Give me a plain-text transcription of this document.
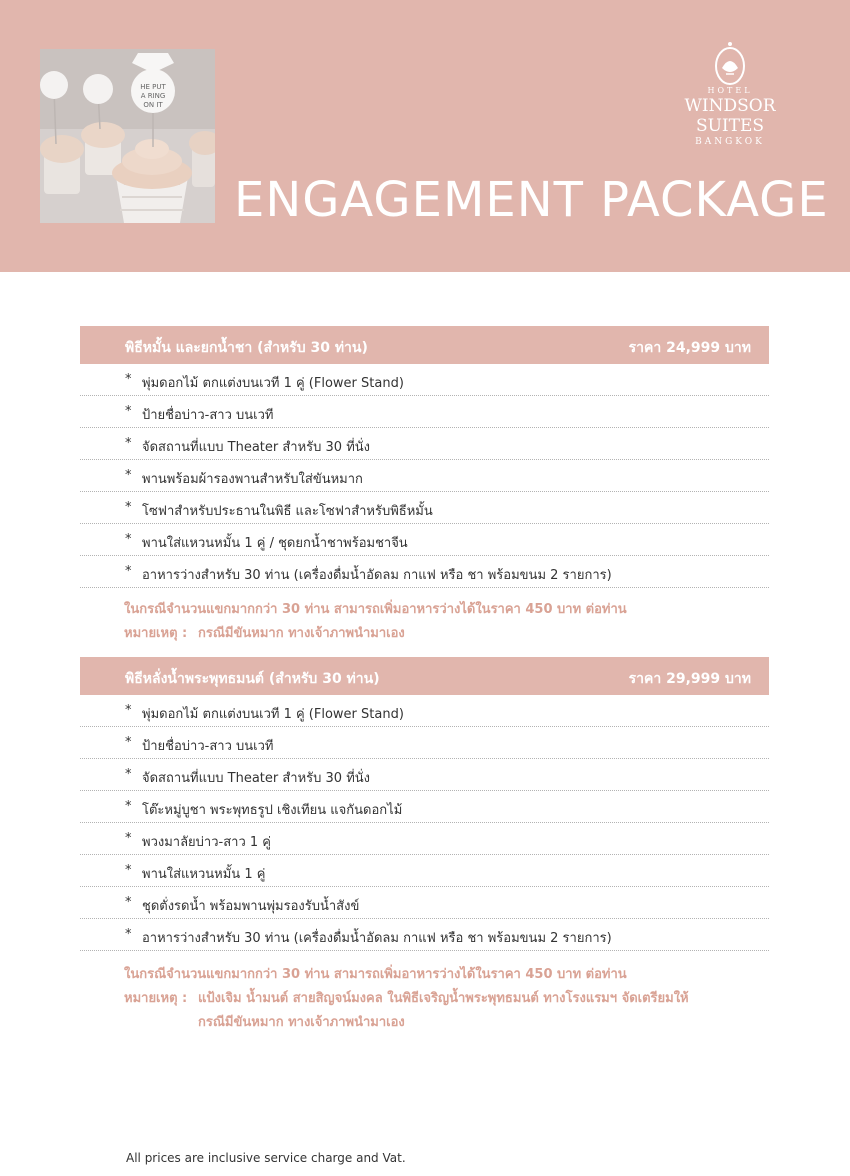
HE PUT
A RING
ON IT
HOTEL
WINDSOR SUITES
BANGKOK
ENGAGEMENT PACKAGE
พิธีหมั้น และยกน้ำชา (สำหรับ 30 ท่าน)	ราคา 24,999 บาท
* พุ่มดอกไม้ ตกแต่งบนเวที 1 คู่ (Flower Stand)
* ป้ายชื่อบ่าว-สาว บนเวที
* จัดสถานที่แบบ Theater สำหรับ 30 ที่นั่ง
* พานพร้อมผ้ารองพานสำหรับใส่ขันหมาก
* โซฟาสำหรับประธานในพิธี และโซฟาสำหรับพิธีหมั้น
* พานใส่แหวนหมั้น 1 คู่ / ชุดยกน้ำชาพร้อมชาจีน
* อาหารว่างสำหรับ 30 ท่าน (เครื่องดื่มน้ำอัดลม กาแฟ หรือ ชา พร้อมขนม 2 รายการ)
ในกรณีจำนวนแขกมากกว่า 30 ท่าน สามารถเพิ่มอาหารว่างได้ในราคา 450 บาท ต่อท่าน
หมายเหตุ : กรณีมีขันหมาก ทางเจ้าภาพนำมาเอง
พิธีหลั่งน้ำพระพุทธมนต์ (สำหรับ 30 ท่าน)	ราคา 29,999 บาท
* พุ่มดอกไม้ ตกแต่งบนเวที 1 คู่ (Flower Stand)
* ป้ายชื่อบ่าว-สาว บนเวที
* จัดสถานที่แบบ Theater สำหรับ 30 ที่นั่ง
* โต๊ะหมู่บูชา พระพุทธรูป เชิงเทียน แจกันดอกไม้
* พวงมาลัยบ่าว-สาว 1 คู่
* พานใส่แหวนหมั้น 1 คู่
* ชุดตั่งรดน้ำ พร้อมพานพุ่มรองรับน้ำสังข์
* อาหารว่างสำหรับ 30 ท่าน (เครื่องดื่มน้ำอัดลม กาแฟ หรือ ชา พร้อมขนม 2 รายการ)
ในกรณีจำนวนแขกมากกว่า 30 ท่าน สามารถเพิ่มอาหารว่างได้ในราคา 450 บาท ต่อท่าน
หมายเหตุ : แป้งเจิม น้ำมนต์ สายสิญจน์มงคล ในพิธีเจริญน้ำพระพุทธมนต์ ทางโรงแรมฯ จัดเตรียมให้
กรณีมีขันหมาก ทางเจ้าภาพนำมาเอง
All prices are inclusive service charge and Vat.
